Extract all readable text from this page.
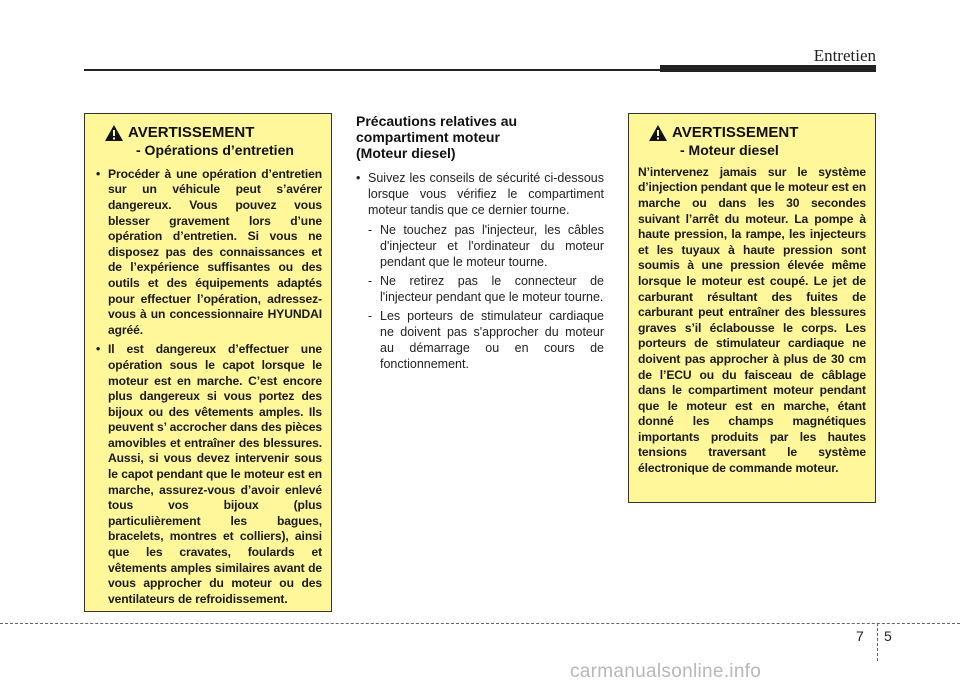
Entretien
AVERTISSEMENT
- Opérations d’entretien
• Procéder à une opération d’entretien sur un véhicule peut s’avérer dangereux. Vous pouvez vous blesser gravement lors d’une opération d’entretien. Si vous ne disposez pas des connaissances et de l’expérience suffisantes ou des outils et des équipements adaptés pour effectuer l’opération, adressez-vous à un concessionnaire HYUNDAI agréé.
• Il est dangereux d’effectuer une opération sous le capot lorsque le moteur est en marche. C’est encore plus dangereux si vous portez des bijoux ou des vêtements amples. Ils peuvent s’ accrocher dans des pièces amovibles et entraîner des blessures. Aussi, si vous devez intervenir sous le capot pendant que le moteur est en marche, assurez-vous d’avoir enlevé tous vos bijoux (plus particulièrement les bagues, bracelets, montres et colliers), ainsi que les cravates, foulards et vêtements amples similaires avant de vous approcher du moteur ou des ventilateurs de refroidissement.
Précautions relatives au
compartiment moteur
(Moteur diesel)

• Suivez les conseils de sécurité ci-dessous lorsque vous vérifiez le compartiment moteur tandis que ce dernier tourne.

- Ne touchez pas l'injecteur, les câbles d'injecteur et l'ordinateur du moteur pendant que le moteur tourne.
- Ne retirez pas le connecteur de l'injecteur pendant que le moteur tourne.
- Les porteurs de stimulateur cardiaque ne doivent pas s'approcher du moteur au démarrage ou en cours de fonctionnement.
AVERTISSEMENT
- Moteur diesel

N’intervenez jamais sur le système d’injection pendant que le moteur est en marche ou dans les 30 secondes suivant l’arrêt du moteur. La pompe à haute pression, la rampe, les injecteurs et les tuyaux à haute pression sont soumis à une pression élevée même lorsque le moteur est coupé. Le jet de carburant résultant des fuites de carburant peut entraîner des blessures graves s’il éclabousse le corps. Les porteurs de stimulateur cardiaque ne doivent pas approcher à plus de 30 cm de l’ECU ou du faisceau de câblage dans le compartiment moteur pendant que le moteur est en marche, étant donné les champs magnétiques importants produits par les hautes tensions traversant le système électronique de commande moteur.

7 5
carmanualsonline.info
